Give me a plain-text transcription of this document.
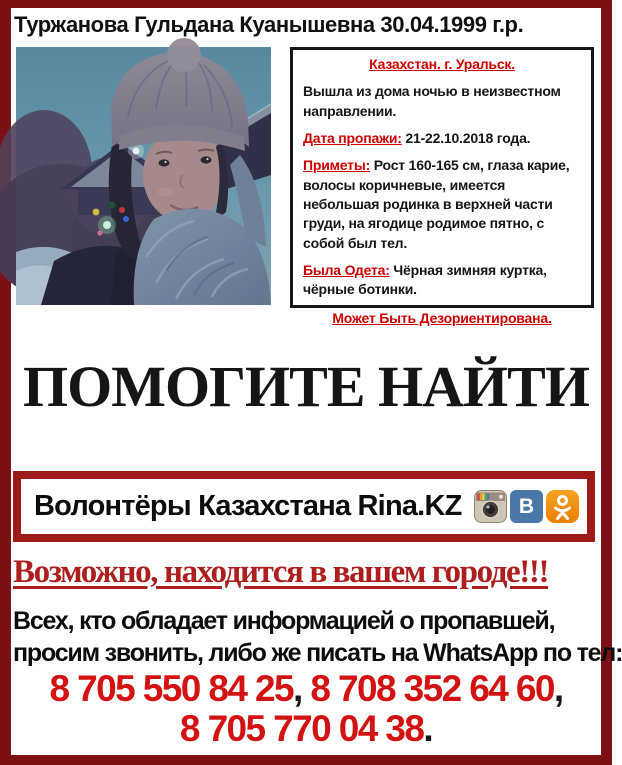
Туржанова Гульдана Куанышевна 30.04.1999 г.р.

Казахстан. г. Уральск.

Вышла из дома ночью в неизвестном направлении.

Дата пропажи: 21-22.10.2018 года.

Приметы: Рост 160-165 см, глаза карие, волосы коричневые, имеется небольшая родинка в верхней части груди, на ягодице родимое пятно, с собой был тел.

Была Одета: Чёрная зимняя куртка, чёрные ботинки.

Может Быть Дезориентирована.

ПОМОГИТЕ НАЙТИ
Волонтёры Казахстана Rina.KZ	В
Возможно, находится в вашем городе!!!
Всех, кто обладает информацией о пропавшей,
просим звонить, либо же писать на WhatsApp по тел:
8 705 550 84 25, 8 708 352 64 60,
8 705 770 04 38.
